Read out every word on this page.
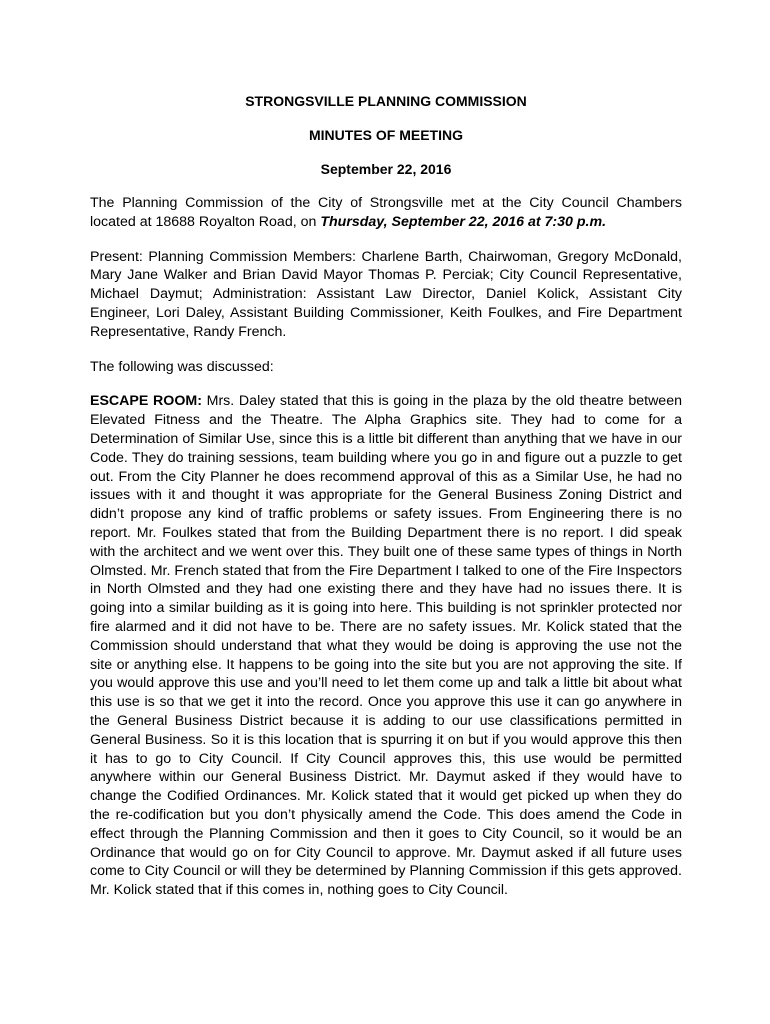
STRONGSVILLE PLANNING COMMISSION
MINUTES OF MEETING
September 22, 2016

The Planning Commission of the City of Strongsville met at the City Council Chambers located at 18688 Royalton Road, on Thursday, September 22, 2016 at 7:30 p.m.

Present: Planning Commission Members: Charlene Barth, Chairwoman, Gregory McDonald, Mary Jane Walker and Brian David Mayor Thomas P. Perciak; City Council Representative, Michael Daymut; Administration: Assistant Law Director, Daniel Kolick, Assistant City Engineer, Lori Daley, Assistant Building Commissioner, Keith Foulkes, and Fire Department Representative, Randy French.

The following was discussed:

ESCAPE ROOM: Mrs. Daley stated that this is going in the plaza by the old theatre between Elevated Fitness and the Theatre. The Alpha Graphics site. They had to come for a Determination of Similar Use, since this is a little bit different than anything that we have in our Code. They do training sessions, team building where you go in and figure out a puzzle to get out. From the City Planner he does recommend approval of this as a Similar Use, he had no issues with it and thought it was appropriate for the General Business Zoning District and didn’t propose any kind of traffic problems or safety issues. From Engineering there is no report. Mr. Foulkes stated that from the Building Department there is no report. I did speak with the architect and we went over this. They built one of these same types of things in North Olmsted. Mr. French stated that from the Fire Department I talked to one of the Fire Inspectors in North Olmsted and they had one existing there and they have had no issues there. It is going into a similar building as it is going into here. This building is not sprinkler protected nor fire alarmed and it did not have to be. There are no safety issues. Mr. Kolick stated that the Commission should understand that what they would be doing is approving the use not the site or anything else. It happens to be going into the site but you are not approving the site. If you would approve this use and you’ll need to let them come up and talk a little bit about what this use is so that we get it into the record. Once you approve this use it can go anywhere in the General Business District because it is adding to our use classifications permitted in General Business. So it is this location that is spurring it on but if you would approve this then it has to go to City Council. If City Council approves this, this use would be permitted anywhere within our General Business District. Mr. Daymut asked if they would have to change the Codified Ordinances. Mr. Kolick stated that it would get picked up when they do the re-codification but you don’t physically amend the Code. This does amend the Code in effect through the Planning Commission and then it goes to City Council, so it would be an Ordinance that would go on for City Council to approve. Mr. Daymut asked if all future uses come to City Council or will they be determined by Planning Commission if this gets approved. Mr. Kolick stated that if this comes in, nothing goes to City Council.
